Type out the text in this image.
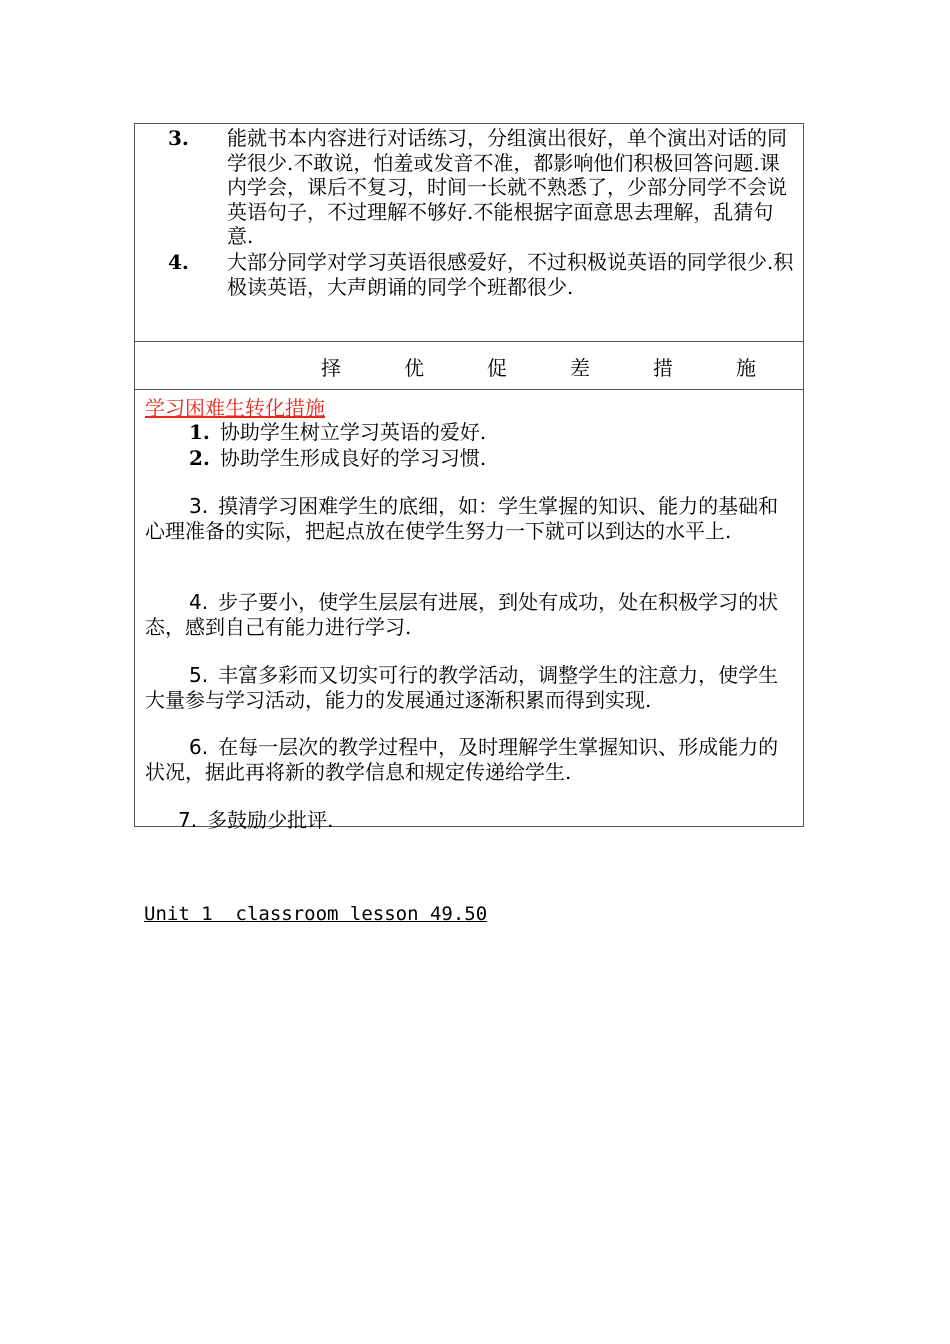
3. 能就书本内容进行对话练习，分组演出很好，单个演出对话的同学很少.不敢说，怕羞或发音不准，都影响他们积极回答问题.课内学会，课后不复习，时间一长就不熟悉了，少部分同学不会说英语句子，不过理解不够好.不能根据字面意思去理解，乱猜句意.
4. 大部分同学对学习英语很感爱好，不过积极说英语的同学很少.积极读英语，大声朗诵的同学个班都很少.
择	优	促	差	措	施
学习困难生转化措施
1. 协助学生树立学习英语的爱好.
2. 协助学生形成良好的学习习惯.
3. 摸清学习困难学生的底细，如：学生掌握的知识、能力的基础和心理准备的实际，把起点放在使学生努力一下就可以到达的水平上.
4. 步子要小，使学生层层有进展，到处有成功，处在积极学习的状态，感到自己有能力进行学习.
5. 丰富多彩而又切实可行的教学活动，调整学生的注意力，使学生大量参与学习活动，能力的发展通过逐渐积累而得到实现.
6. 在每一层次的教学过程中，及时理解学生掌握知识、形成能力的状况，据此再将新的教学信息和规定传递给学生.
7. 多鼓励少批评.
Unit 1  classroom lesson 49.50
